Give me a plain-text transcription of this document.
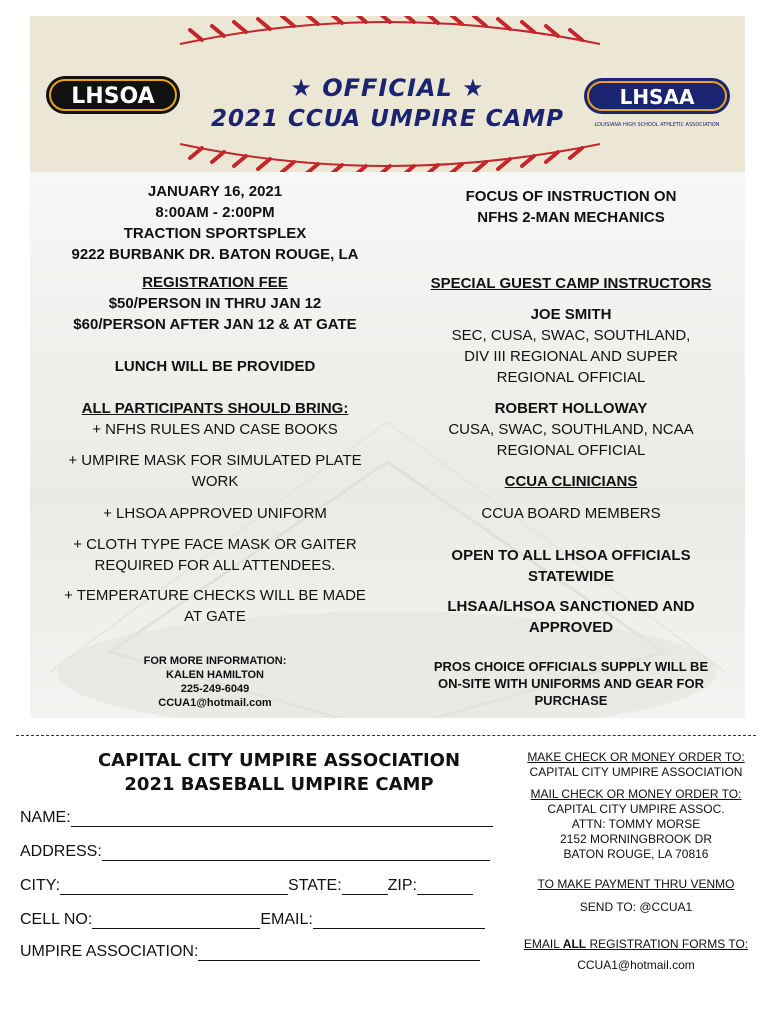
LHSOA	★ OFFICIAL ★
2021 CCUA UMPIRE CAMP
LHSAA
LOUISIANA HIGH SCHOOL ATHLETIC ASSOCIATION
JANUARY 16, 2021
8:00AM - 2:00PM
TRACTION SPORTSPLEX
9222 BURBANK DR. BATON ROUGE, LA
REGISTRATION FEE
$50/PERSON IN THRU JAN 12
$60/PERSON AFTER JAN 12 & AT GATE
LUNCH WILL BE PROVIDED
ALL PARTICIPANTS SHOULD BRING:
+ NFHS RULES AND CASE BOOKS
+ UMPIRE MASK FOR SIMULATED PLATE
WORK
+ LHSOA APPROVED UNIFORM
+ CLOTH TYPE FACE MASK OR GAITER
REQUIRED FOR ALL ATTENDEES.
+ TEMPERATURE CHECKS WILL BE MADE
AT GATE
FOR MORE INFORMATION:
KALEN HAMILTON
225-249-6049
CCUA1@hotmail.com
FOCUS OF INSTRUCTION ON
NFHS 2-MAN MECHANICS
SPECIAL GUEST CAMP INSTRUCTORS
JOE SMITH
SEC, CUSA, SWAC, SOUTHLAND,
DIV III REGIONAL AND SUPER
REGIONAL OFFICIAL
ROBERT HOLLOWAY
CUSA, SWAC, SOUTHLAND, NCAA
REGIONAL OFFICIAL
CCUA CLINICIANS
CCUA BOARD MEMBERS
OPEN TO ALL LHSOA OFFICIALS
STATEWIDE
LHSAA/LHSOA SANCTIONED AND
APPROVED
PROS CHOICE OFFICIALS SUPPLY WILL BE
ON-SITE WITH UNIFORMS AND GEAR FOR
PURCHASE
CAPITAL CITY UMPIRE ASSOCIATION
2021 BASEBALL UMPIRE CAMP
NAME:
ADDRESS:
CITY:	STATE:	ZIP:
CELL NO:	EMAIL:
UMPIRE ASSOCIATION:
MAKE CHECK OR MONEY ORDER TO:
CAPITAL CITY UMPIRE ASSOCIATION
MAIL CHECK OR MONEY ORDER TO:
CAPITAL CITY UMPIRE ASSOC.
ATTN: TOMMY MORSE
2152 MORNINGBROOK DR
BATON ROUGE, LA 70816
TO MAKE PAYMENT THRU VENMO
SEND TO: @CCUA1
EMAIL ALL REGISTRATION FORMS TO:
CCUA1@hotmail.com
